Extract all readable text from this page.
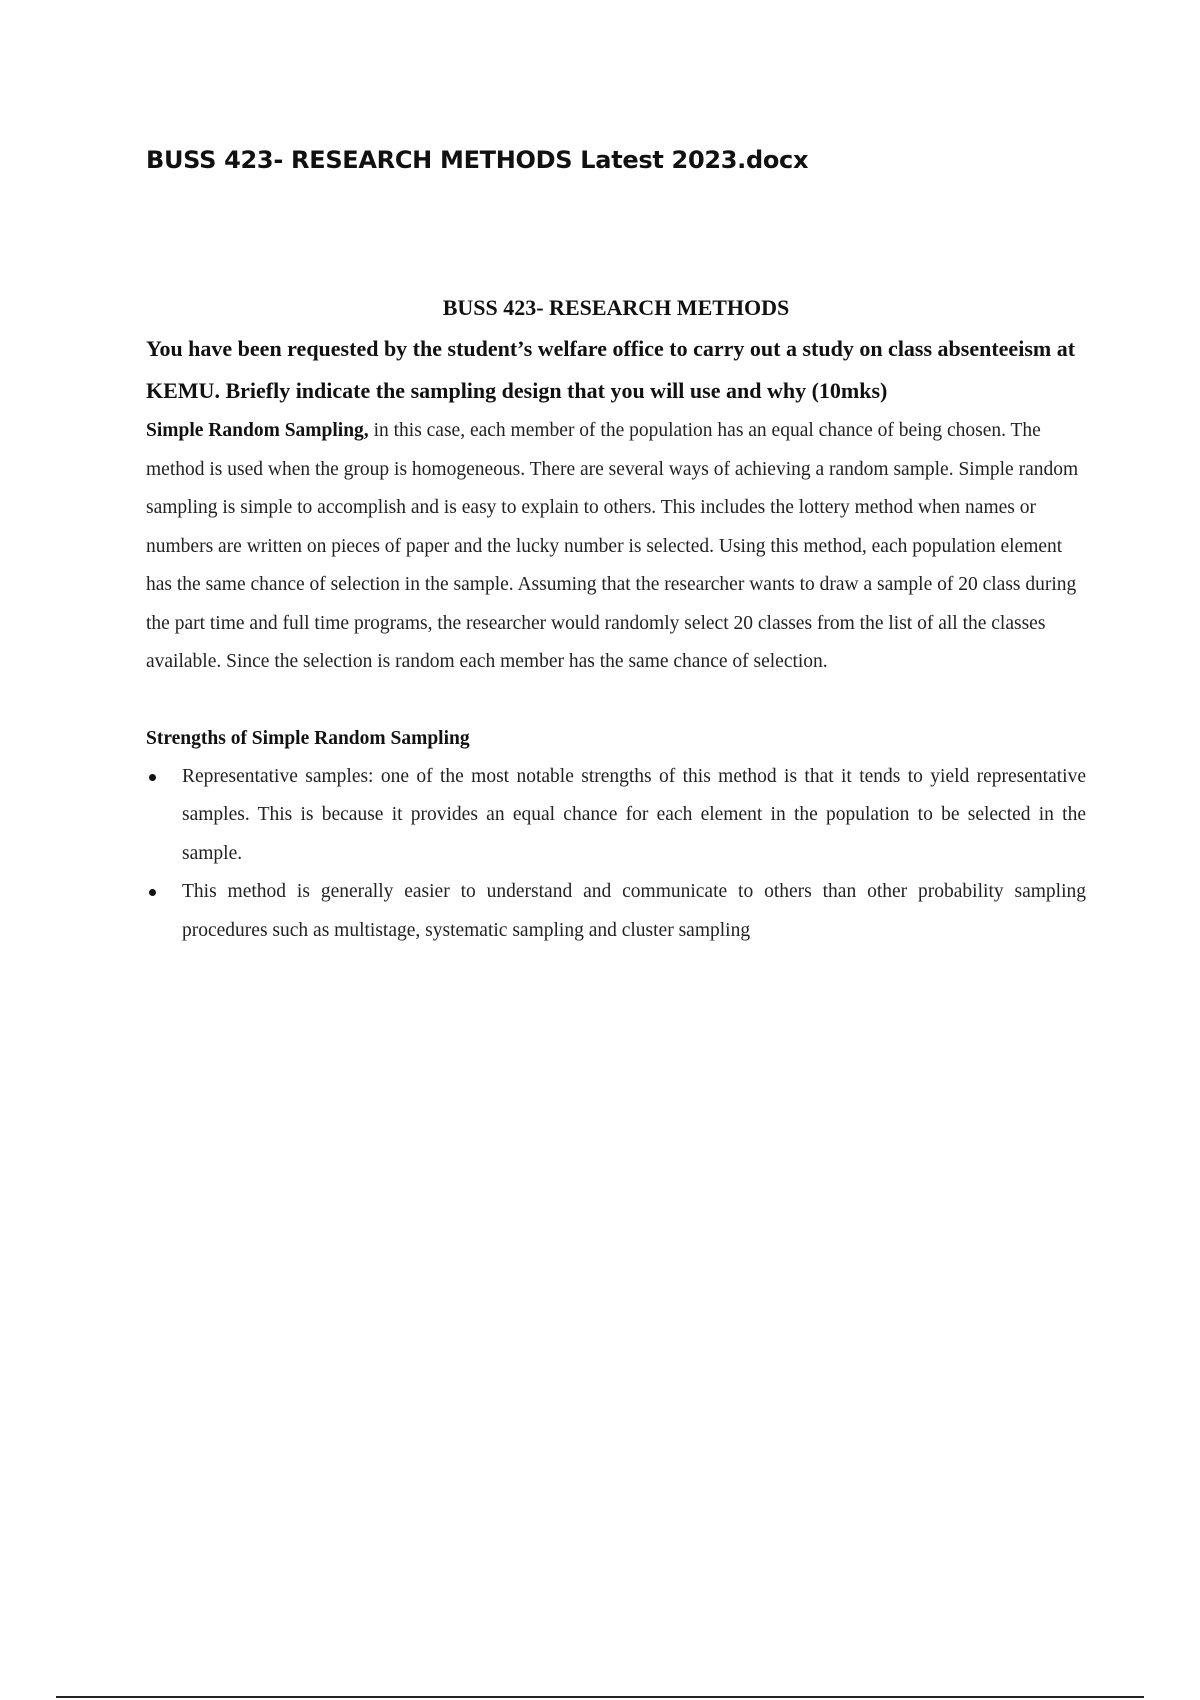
BUSS 423- RESEARCH METHODS Latest 2023.docx
BUSS 423- RESEARCH METHODS

You have been requested by the student’s welfare office to carry out a study on class absenteeism at KEMU. Briefly indicate the sampling design that you will use and why (10mks)

Simple Random Sampling, in this case, each member of the population has an equal chance of being chosen. The method is used when the group is homogeneous. There are several ways of achieving a random sample. Simple random sampling is simple to accomplish and is easy to explain to others. This includes the lottery method when names or numbers are written on pieces of paper and the lucky number is selected. Using this method, each population element has the same chance of selection in the sample. Assuming that the researcher wants to draw a sample of 20 class during the part time and full time programs, the researcher would randomly select 20 classes from the list of all the classes available. Since the selection is random each member has the same chance of selection.

Strengths of Simple Random Sampling
Representative samples: one of the most notable strengths of this method is that it tends to yield representative samples. This is because it provides an equal chance for each element in the population to be selected in the sample.
This method is generally easier to understand and communicate to others than other probability sampling procedures such as multistage, systematic sampling and cluster sampling
